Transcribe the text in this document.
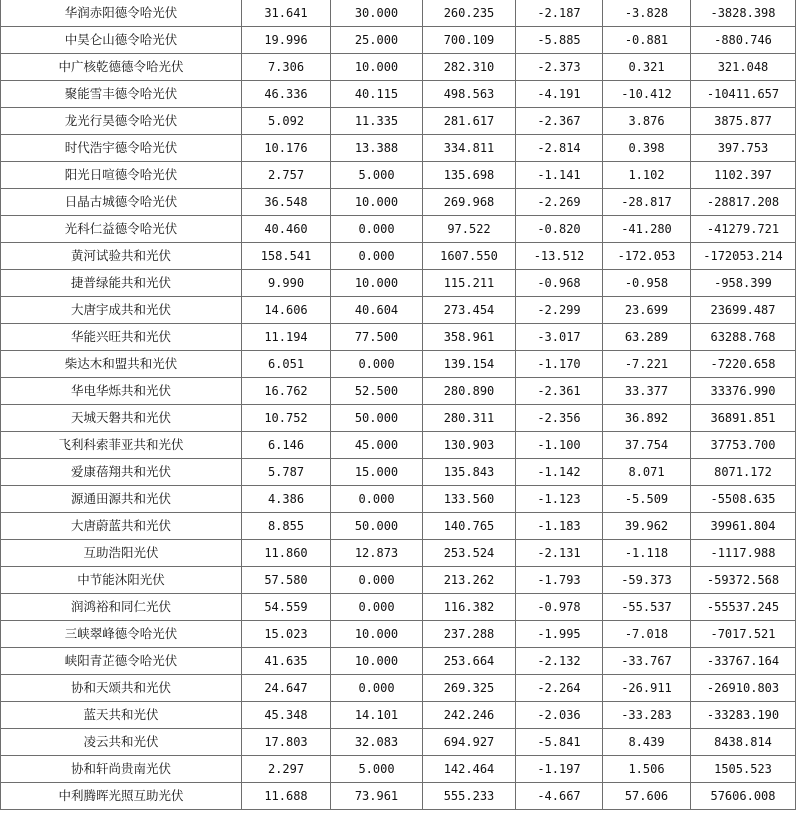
华润赤阳德令哈光伏	31.641	30.000	260.235	-2.187	-3.828	-3828.398
中昊仑山德令哈光伏	19.996	25.000	700.109	-5.885	-0.881	-880.746
中广核乾德德令哈光伏	7.306	10.000	282.310	-2.373	0.321	321.048
聚能雪丰德令哈光伏	46.336	40.115	498.563	-4.191	-10.412	-10411.657
龙光行昊德令哈光伏	5.092	11.335	281.617	-2.367	3.876	3875.877
时代浩宇德令哈光伏	10.176	13.388	334.811	-2.814	0.398	397.753
阳光日喧德令哈光伏	2.757	5.000	135.698	-1.141	1.102	1102.397
日晶古城德令哈光伏	36.548	10.000	269.968	-2.269	-28.817	-28817.208
光科仁益德令哈光伏	40.460	0.000	97.522	-0.820	-41.280	-41279.721
黄河试验共和光伏	158.541	0.000	1607.550	-13.512	-172.053	-172053.214
捷普绿能共和光伏	9.990	10.000	115.211	-0.968	-0.958	-958.399
大唐宇成共和光伏	14.606	40.604	273.454	-2.299	23.699	23699.487
华能兴旺共和光伏	11.194	77.500	358.961	-3.017	63.289	63288.768
柴达木和盟共和光伏	6.051	0.000	139.154	-1.170	-7.221	-7220.658
华电华烁共和光伏	16.762	52.500	280.890	-2.361	33.377	33376.990
天城天磐共和光伏	10.752	50.000	280.311	-2.356	36.892	36891.851
飞利科索菲亚共和光伏	6.146	45.000	130.903	-1.100	37.754	37753.700
爱康蓓翔共和光伏	5.787	15.000	135.843	-1.142	8.071	8071.172
源通田源共和光伏	4.386	0.000	133.560	-1.123	-5.509	-5508.635
大唐蔚蓝共和光伏	8.855	50.000	140.765	-1.183	39.962	39961.804
互助浩阳光伏	11.860	12.873	253.524	-2.131	-1.118	-1117.988
中节能沐阳光伏	57.580	0.000	213.262	-1.793	-59.373	-59372.568
润鸿裕和同仁光伏	54.559	0.000	116.382	-0.978	-55.537	-55537.245
三峡翠峰德令哈光伏	15.023	10.000	237.288	-1.995	-7.018	-7017.521
峡阳青芷德令哈光伏	41.635	10.000	253.664	-2.132	-33.767	-33767.164
协和天颂共和光伏	24.647	0.000	269.325	-2.264	-26.911	-26910.803
蓝天共和光伏	45.348	14.101	242.246	-2.036	-33.283	-33283.190
凌云共和光伏	17.803	32.083	694.927	-5.841	8.439	8438.814
协和轩尚贵南光伏	2.297	5.000	142.464	-1.197	1.506	1505.523
中利腾晖光照互助光伏	11.688	73.961	555.233	-4.667	57.606	57606.008
